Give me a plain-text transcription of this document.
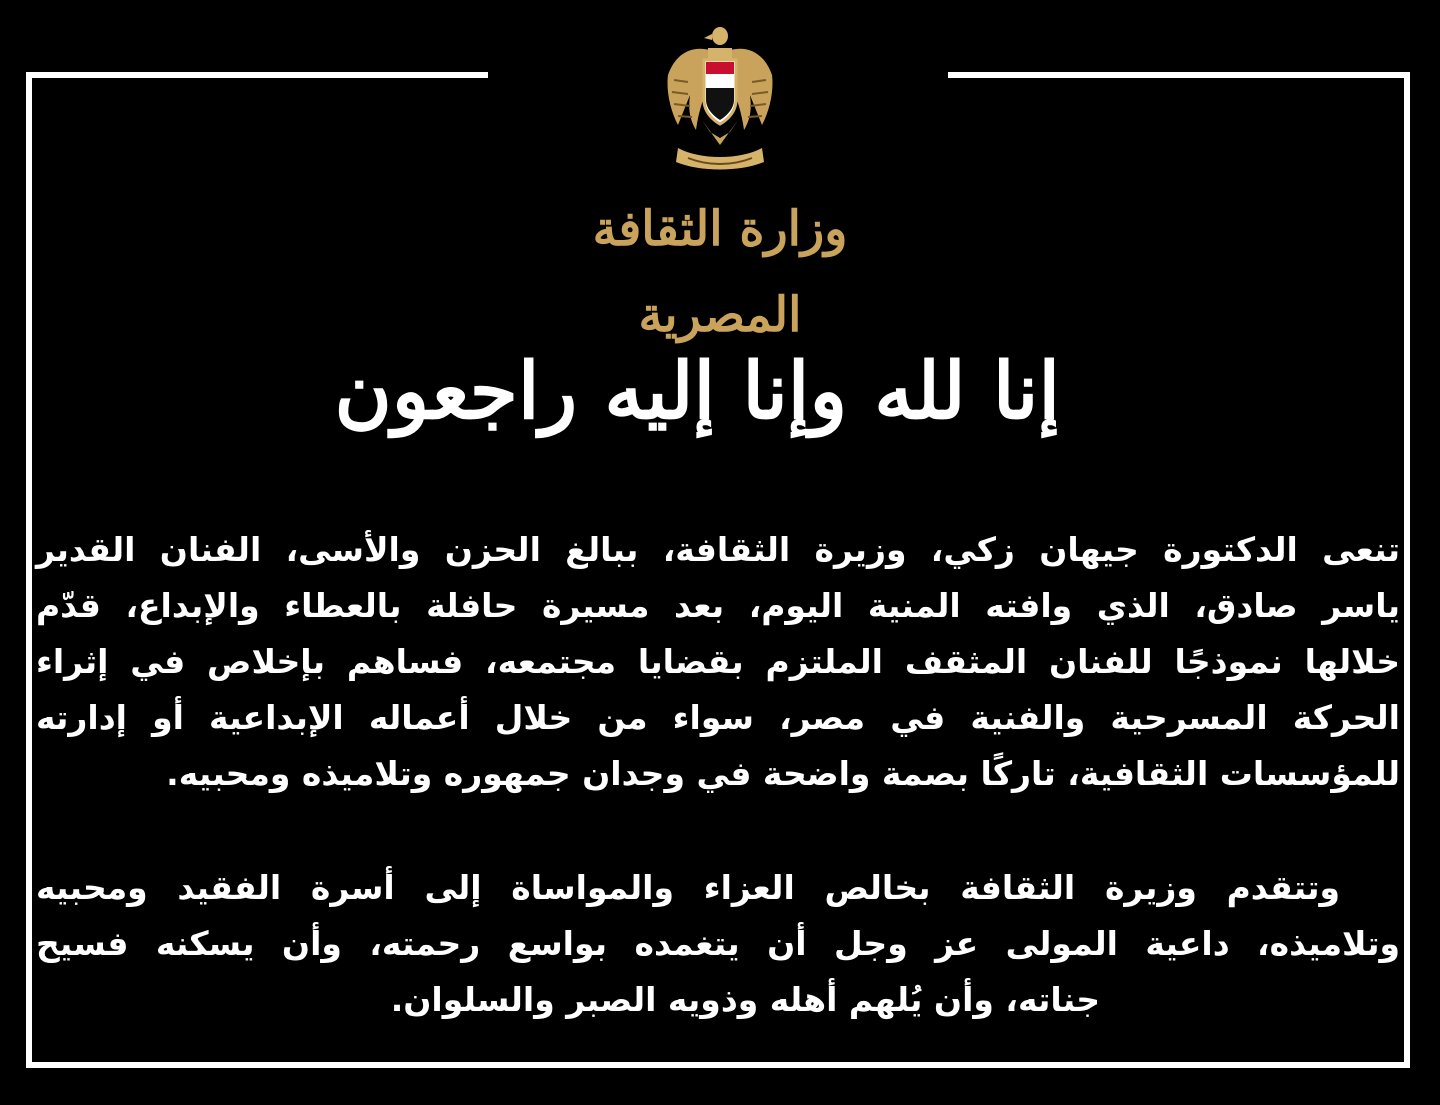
وزارة الثقافة المصرية
إنا لله وإنا إليه راجعون
تنعى الدكتورة جيهان زكي، وزيرة الثقافة، ببالغ الحزن والأسى، الفنان القدير
ياسر صادق، الذي وافته المنية اليوم، بعد مسيرة حافلة بالعطاء والإبداع، قدّم
خلالها نموذجًا للفنان المثقف الملتزم بقضايا مجتمعه، فساهم بإخلاص في إثراء
الحركة المسرحية والفنية في مصر، سواء من خلال أعماله الإبداعية أو إدارته
للمؤسسات الثقافية، تاركًا بصمة واضحة في وجدان جمهوره وتلاميذه ومحبيه.
وتتقدم وزيرة الثقافة بخالص العزاء والمواساة إلى أسرة الفقيد ومحبيه
وتلاميذه، داعية المولى عز وجل أن يتغمده بواسع رحمته، وأن يسكنه فسيح
جناته، وأن يُلهم أهله وذويه الصبر والسلوان.
